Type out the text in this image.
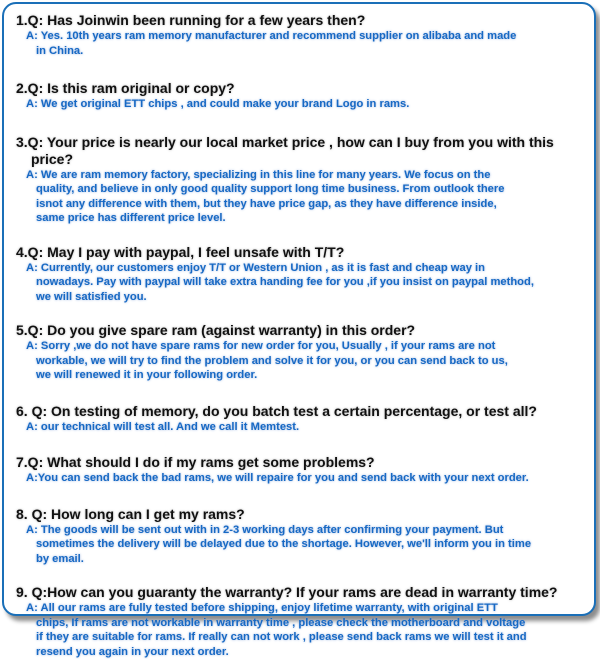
1.Q: Has Joinwin been running for a few years then?
A: Yes. 10th years ram memory manufacturer and recommend supplier on alibaba and made
in China.
2.Q: Is this ram original or copy?
A: We get original ETT chips , and could make your brand Logo in rams.
3.Q: Your price is nearly our local market price , how can I buy from you with this
price?
A: We are ram memory factory, specializing in this line for many years. We focus on the
quality, and believe in only good quality support long time business. From outlook there
isnot any difference with them, but they have price gap, as they have difference inside,
same price has different price level.
4.Q: May I pay with paypal, I feel unsafe with T/T?
A: Currently, our customers enjoy T/T or Western Union , as it is fast and cheap way in
nowadays. Pay with paypal will take extra handing fee for you ,if you insist on paypal method,
we will satisfied you.
5.Q: Do you give spare ram (against warranty) in this order?
A: Sorry ,we do not have spare rams for new order for you, Usually , if your rams are not
workable, we will try to find the problem and solve it for you, or you can send back to us,
we will renewed it in your following order.
6. Q: On testing of memory, do you batch test a certain percentage, or test all?
A: our technical will test all. And we call it Memtest.
7.Q: What should I do if my rams get some problems?
A:You can send back the bad rams, we will repaire for you and send back with your next order.
8. Q: How long can I get my rams?
A: The goods will be sent out with in 2-3 working days after confirming your payment. But
sometimes the delivery will be delayed due to the shortage. However, we'll inform you in time
by email.
9. Q:How can you guaranty the warranty? If your rams are dead in warranty time?
A: All our rams are fully tested before shipping, enjoy lifetime warranty, with original ETT
chips, If rams are not workable in warranty time , please check the motherboard and voltage
if they are suitable for rams. If really can not work , please send back rams we will test it and
resend you again in your next order.
